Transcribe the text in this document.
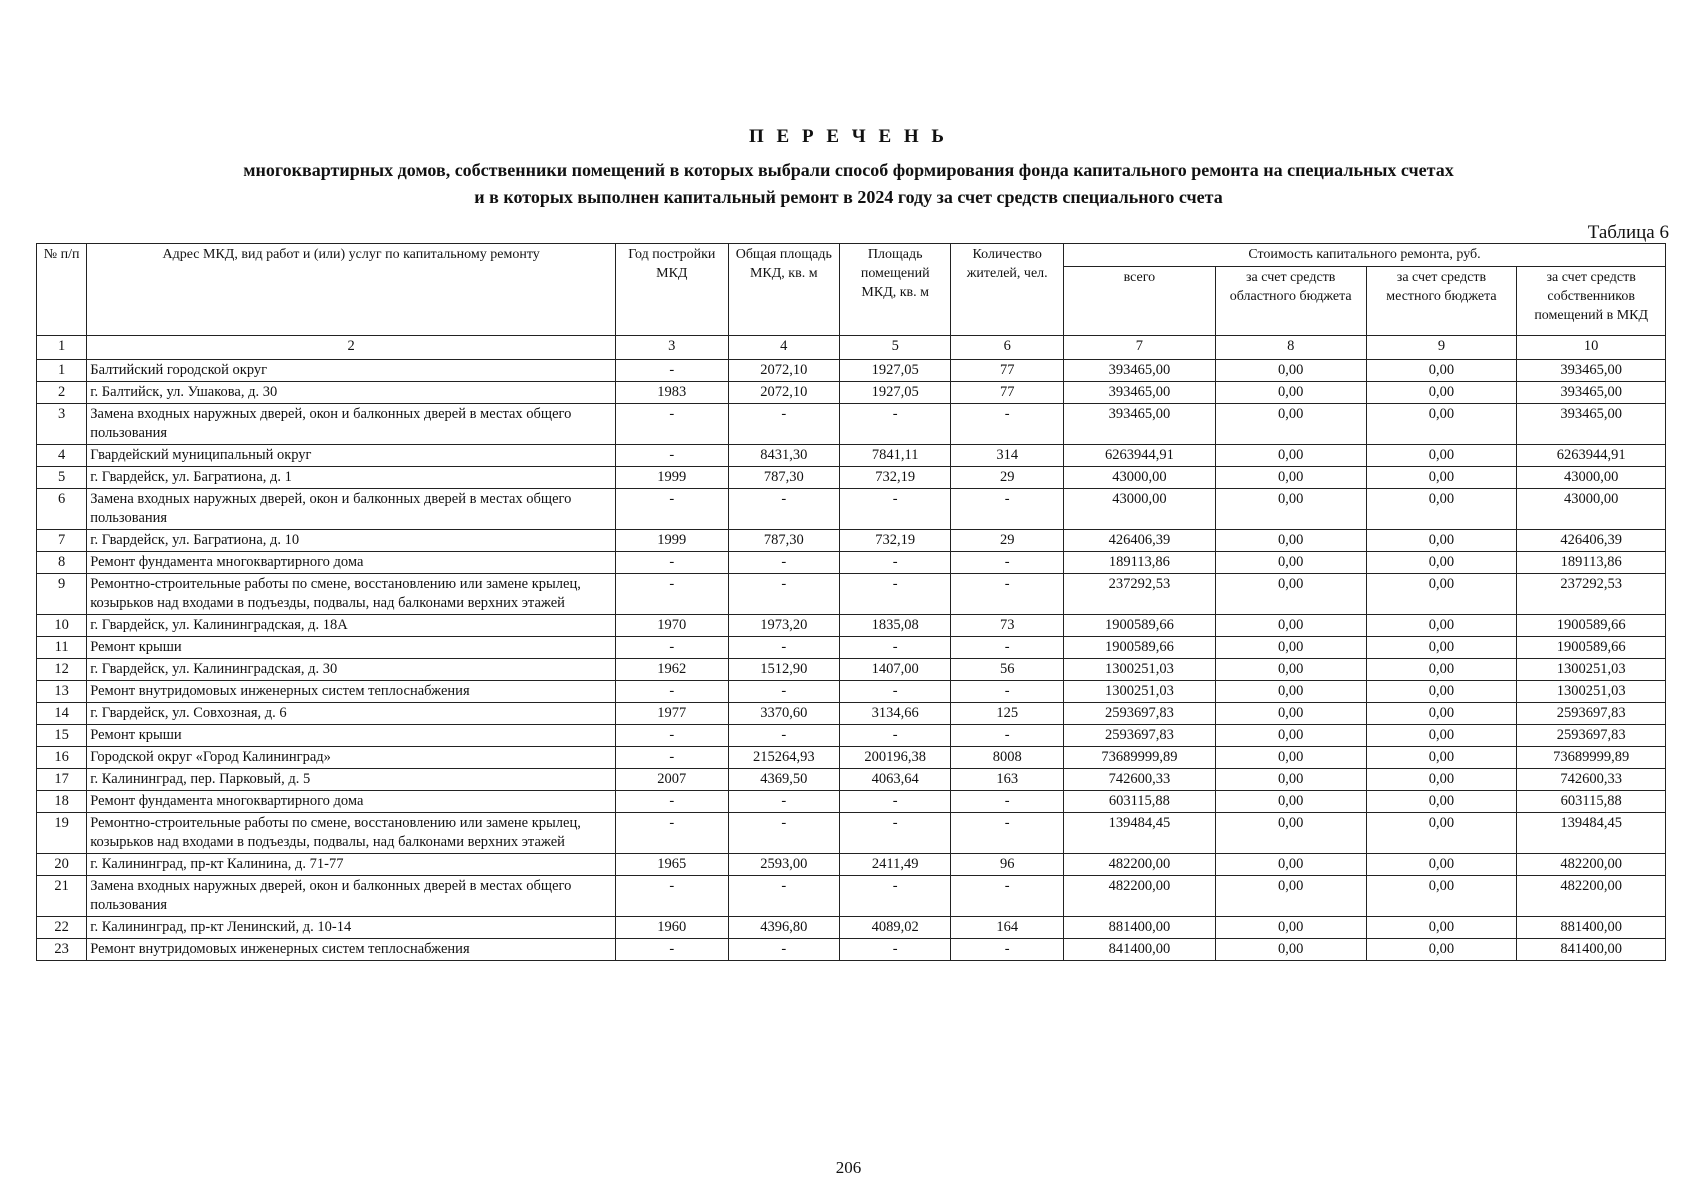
П Е Р Е Ч Е Н Ь
многоквартирных домов, собственники помещений в которых выбрали способ формирования фонда капитального ремонта на специальных счетах
и в которых выполнен капитальный ремонт в 2024 году за счет средств специального счета
Таблица 6
№ п/п	Адрес МКД, вид работ и (или) услуг по капитальному ремонту	Год постройки МКД	Общая площадь МКД, кв. м	Площадь помещений МКД, кв. м	Количество жителей, чел.	Стоимость капитального ремонта, руб.			
						всего	за счет средств областного бюджета	за счет средств местного бюджета	за счет средств собственников помещений в МКД
1	2	3	4	5	6	7	8	9	10
1	Балтийский городской округ	-	2072,10	1927,05	77	393465,00	0,00	0,00	393465,00
2	г. Балтийск, ул. Ушакова, д. 30	1983	2072,10	1927,05	77	393465,00	0,00	0,00	393465,00
3	Замена входных наружных дверей, окон и балконных дверей в местах общего пользования	-	-	-	-	393465,00	0,00	0,00	393465,00
4	Гвардейский муниципальный округ	-	8431,30	7841,11	314	6263944,91	0,00	0,00	6263944,91
5	г. Гвардейск, ул. Багратиона, д. 1	1999	787,30	732,19	29	43000,00	0,00	0,00	43000,00
6	Замена входных наружных дверей, окон и балконных дверей в местах общего пользования	-	-	-	-	43000,00	0,00	0,00	43000,00
7	г. Гвардейск, ул. Багратиона, д. 10	1999	787,30	732,19	29	426406,39	0,00	0,00	426406,39
8	Ремонт фундамента многоквартирного дома	-	-	-	-	189113,86	0,00	0,00	189113,86
9	Ремонтно-строительные работы по смене, восстановлению или замене крылец, козырьков над входами в подъезды, подвалы, над балконами верхних этажей	-	-	-	-	237292,53	0,00	0,00	237292,53
10	г. Гвардейск, ул. Калининградская, д. 18А	1970	1973,20	1835,08	73	1900589,66	0,00	0,00	1900589,66
11	Ремонт крыши	-	-	-	-	1900589,66	0,00	0,00	1900589,66
12	г. Гвардейск, ул. Калининградская, д. 30	1962	1512,90	1407,00	56	1300251,03	0,00	0,00	1300251,03
13	Ремонт внутридомовых инженерных систем теплоснабжения	-	-	-	-	1300251,03	0,00	0,00	1300251,03
14	г. Гвардейск, ул. Совхозная, д. 6	1977	3370,60	3134,66	125	2593697,83	0,00	0,00	2593697,83
15	Ремонт крыши	-	-	-	-	2593697,83	0,00	0,00	2593697,83
16	Городской округ «Город Калининград»	-	215264,93	200196,38	8008	73689999,89	0,00	0,00	73689999,89
17	г. Калининград, пер. Парковый, д. 5	2007	4369,50	4063,64	163	742600,33	0,00	0,00	742600,33
18	Ремонт фундамента многоквартирного дома	-	-	-	-	603115,88	0,00	0,00	603115,88
19	Ремонтно-строительные работы по смене, восстановлению или замене крылец, козырьков над входами в подъезды, подвалы, над балконами верхних этажей	-	-	-	-	139484,45	0,00	0,00	139484,45
20	г. Калининград, пр-кт Калинина, д. 71-77	1965	2593,00	2411,49	96	482200,00	0,00	0,00	482200,00
21	Замена входных наружных дверей, окон и балконных дверей в местах общего пользования	-	-	-	-	482200,00	0,00	0,00	482200,00
22	г. Калининград, пр-кт Ленинский, д. 10-14	1960	4396,80	4089,02	164	881400,00	0,00	0,00	881400,00
23	Ремонт внутридомовых инженерных систем теплоснабжения	-	-	-	-	841400,00	0,00	0,00	841400,00
206
